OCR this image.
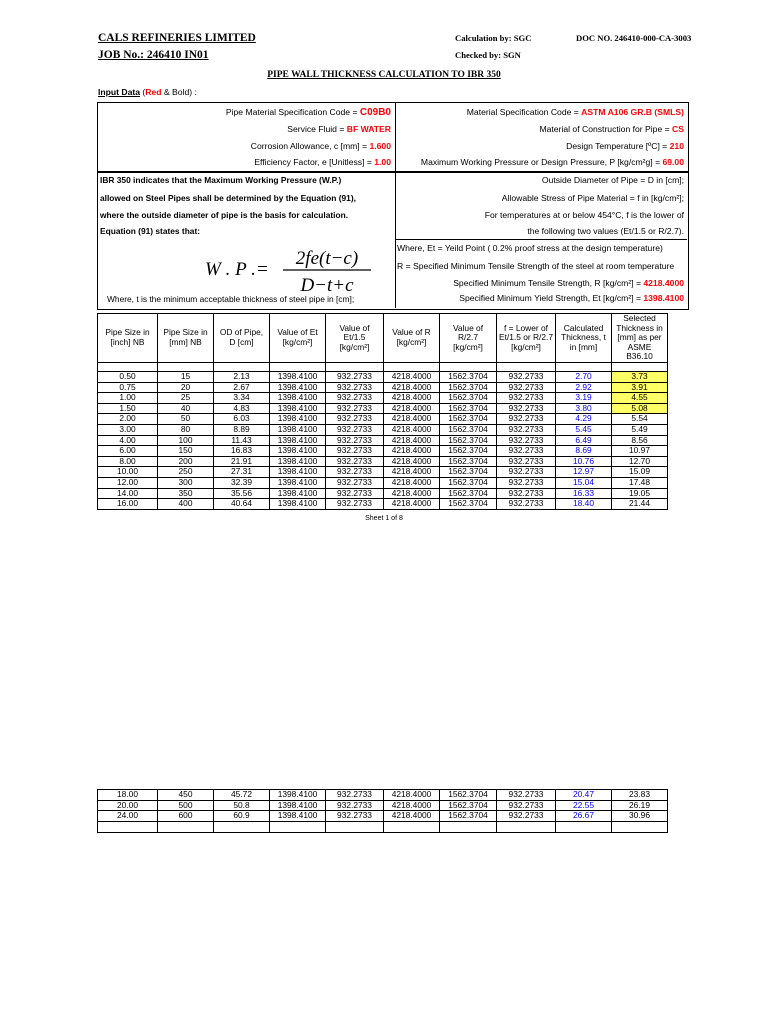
CALS REFINERIES LIMITED
JOB No.: 246410 IN01
Calculation by: SGC
Checked by: SGN
DOC NO. 246410-000-CA-3003
PIPE WALL THICKNESS CALCULATION TO IBR 350
Input Data (Red & Bold) :
Pipe Material Specification Code = C09B0
Service Fluid = BF WATER
Corrosion Allowance, c [mm] = 1.600
Efficiency Factor, e [Unitless] = 1.00
Material Specification Code = ASTM A106 GR.B (SMLS)
Material of Construction for Pipe = CS
Design Temperature [ºC] = 210
Maximum Working Pressure or Design Pressure, P [kg/cm²g] = 69.00
IBR 350 indicates that the Maximum Working Pressure (W.P.)
allowed on Steel Pipes shall be determined by the Equation (91),
where the outside diameter of pipe is the basis for calculation.
Equation (91) states that:
Outside Diameter of Pipe = D in [cm];
Allowable Stress of Pipe Material = f in [kg/cm²];
For temperatures at or below 454°C, f is the lower of
the following two values (Et/1.5 or R/2.7).
Where, Et = Yeild Point ( 0.2% proof stress at the design temperature)
R = Specified Minimum Tensile Strength of the steel at room temperature
Specified Minimum Tensile Strength, R [kg/cm²] = 4218.4000
Specified Minimum Yield Strength, Et [kg/cm²] = 1398.4100
W . P .=
2fe(t−c)
D−t+c
Where, t is the minimum acceptable thickness of steel pipe in [cm];
Pipe Size in [inch] NB	Pipe Size in [mm] NB	OD of Pipe, D [cm]	Value of Et [kg/cm²]	Value of Et/1.5 [kg/cm²]	Value of R [kg/cm²]	Value of R/2.7 [kg/cm²]	f = Lower of Et/1.5 or R/2.7 [kg/cm²]	Calculated Thickness, t in [mm]	Selected Thickness in [mm] as per ASME B36.10

0.50	15	2.13	1398.4100	932.2733	4218.4000	1562.3704	932.2733	2.70	3.73
0.75	20	2.67	1398.4100	932.2733	4218.4000	1562.3704	932.2733	2.92	3.91
1.00	25	3.34	1398.4100	932.2733	4218.4000	1562.3704	932.2733	3.19	4.55
1.50	40	4.83	1398.4100	932.2733	4218.4000	1562.3704	932.2733	3.80	5.08
2.00	50	6.03	1398.4100	932.2733	4218.4000	1562.3704	932.2733	4.29	5.54
3.00	80	8.89	1398.4100	932.2733	4218.4000	1562.3704	932.2733	5.45	5.49
4.00	100	11.43	1398.4100	932.2733	4218.4000	1562.3704	932.2733	6.49	8.56
6.00	150	16.83	1398.4100	932.2733	4218.4000	1562.3704	932.2733	8.69	10.97
8.00	200	21.91	1398.4100	932.2733	4218.4000	1562.3704	932.2733	10.76	12.70
10.00	250	27.31	1398.4100	932.2733	4218.4000	1562.3704	932.2733	12.97	15.09
12.00	300	32.39	1398.4100	932.2733	4218.4000	1562.3704	932.2733	15.04	17.48
14.00	350	35.56	1398.4100	932.2733	4218.4000	1562.3704	932.2733	16.33	19.05
16.00	400	40.64	1398.4100	932.2733	4218.4000	1562.3704	932.2733	18.40	21.44
Sheet 1 of 8
18.00	450	45.72	1398.4100	932.2733	4218.4000	1562.3704	932.2733	20.47	23.83
20.00	500	50.8	1398.4100	932.2733	4218.4000	1562.3704	932.2733	22.55	26.19
24.00	600	60.9	1398.4100	932.2733	4218.4000	1562.3704	932.2733	26.67	30.96
